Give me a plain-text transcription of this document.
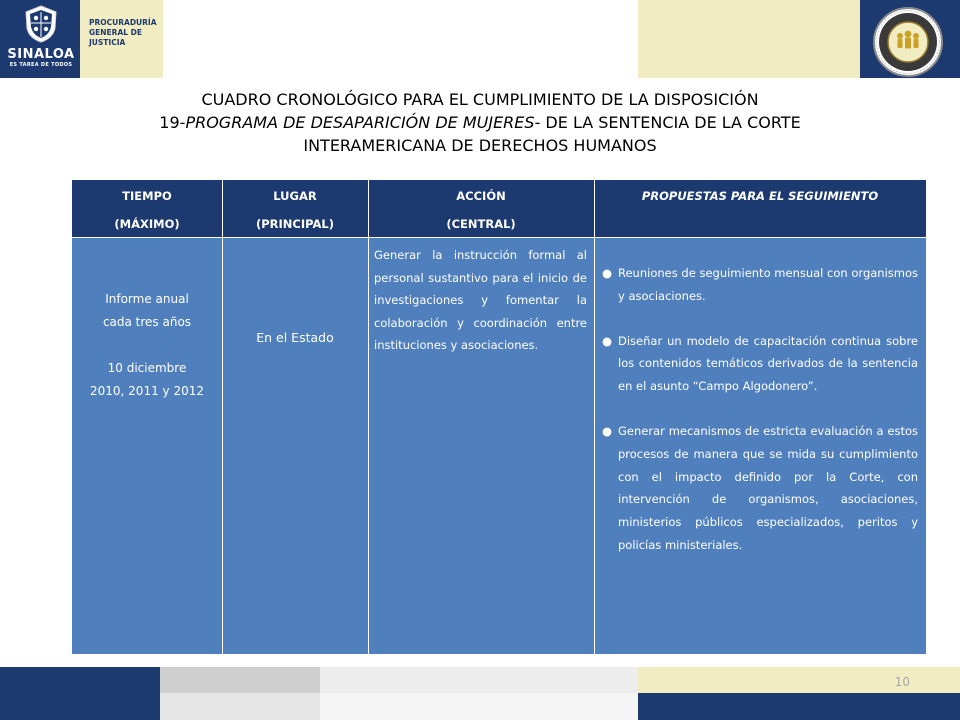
SINALOA
ES TAREA DE TODOS
PROCURADURÍA
GENERAL DE
JUSTICIA
CUADRO CRONOLÓGICO PARA EL CUMPLIMIENTO DE LA DISPOSICIÓN
19-PROGRAMA DE DESAPARICIÓN DE MUJERES- DE LA SENTENCIA DE LA CORTE
INTERAMERICANA DE DERECHOS HUMANOS
TIEMPO
(MÁXIMO)
LUGAR
(PRINCIPAL)
ACCIÓN
(CENTRAL)
PROPUESTAS PARA EL SEGUIMIENTO
Informe anual
cada tres años
10 diciembre
2010, 2011 y 2012
En el Estado
Generar la instrucción formal al personal sustantivo para el inicio de investigaciones y fomentar la colaboración y coordinación entre instituciones y asociaciones.
● Reuniones de seguimiento mensual con organismos y asociaciones.
● Diseñar un modelo de capacitación continua sobre los contenidos temáticos derivados de la sentencia en el asunto “Campo Algodonero”.
● Generar mecanismos de estricta evaluación a estos procesos de manera que se mida su cumplimiento con el impacto definido por la Corte, con intervención de organismos, asociaciones, ministerios públicos especializados, peritos y policías ministeriales.
10
